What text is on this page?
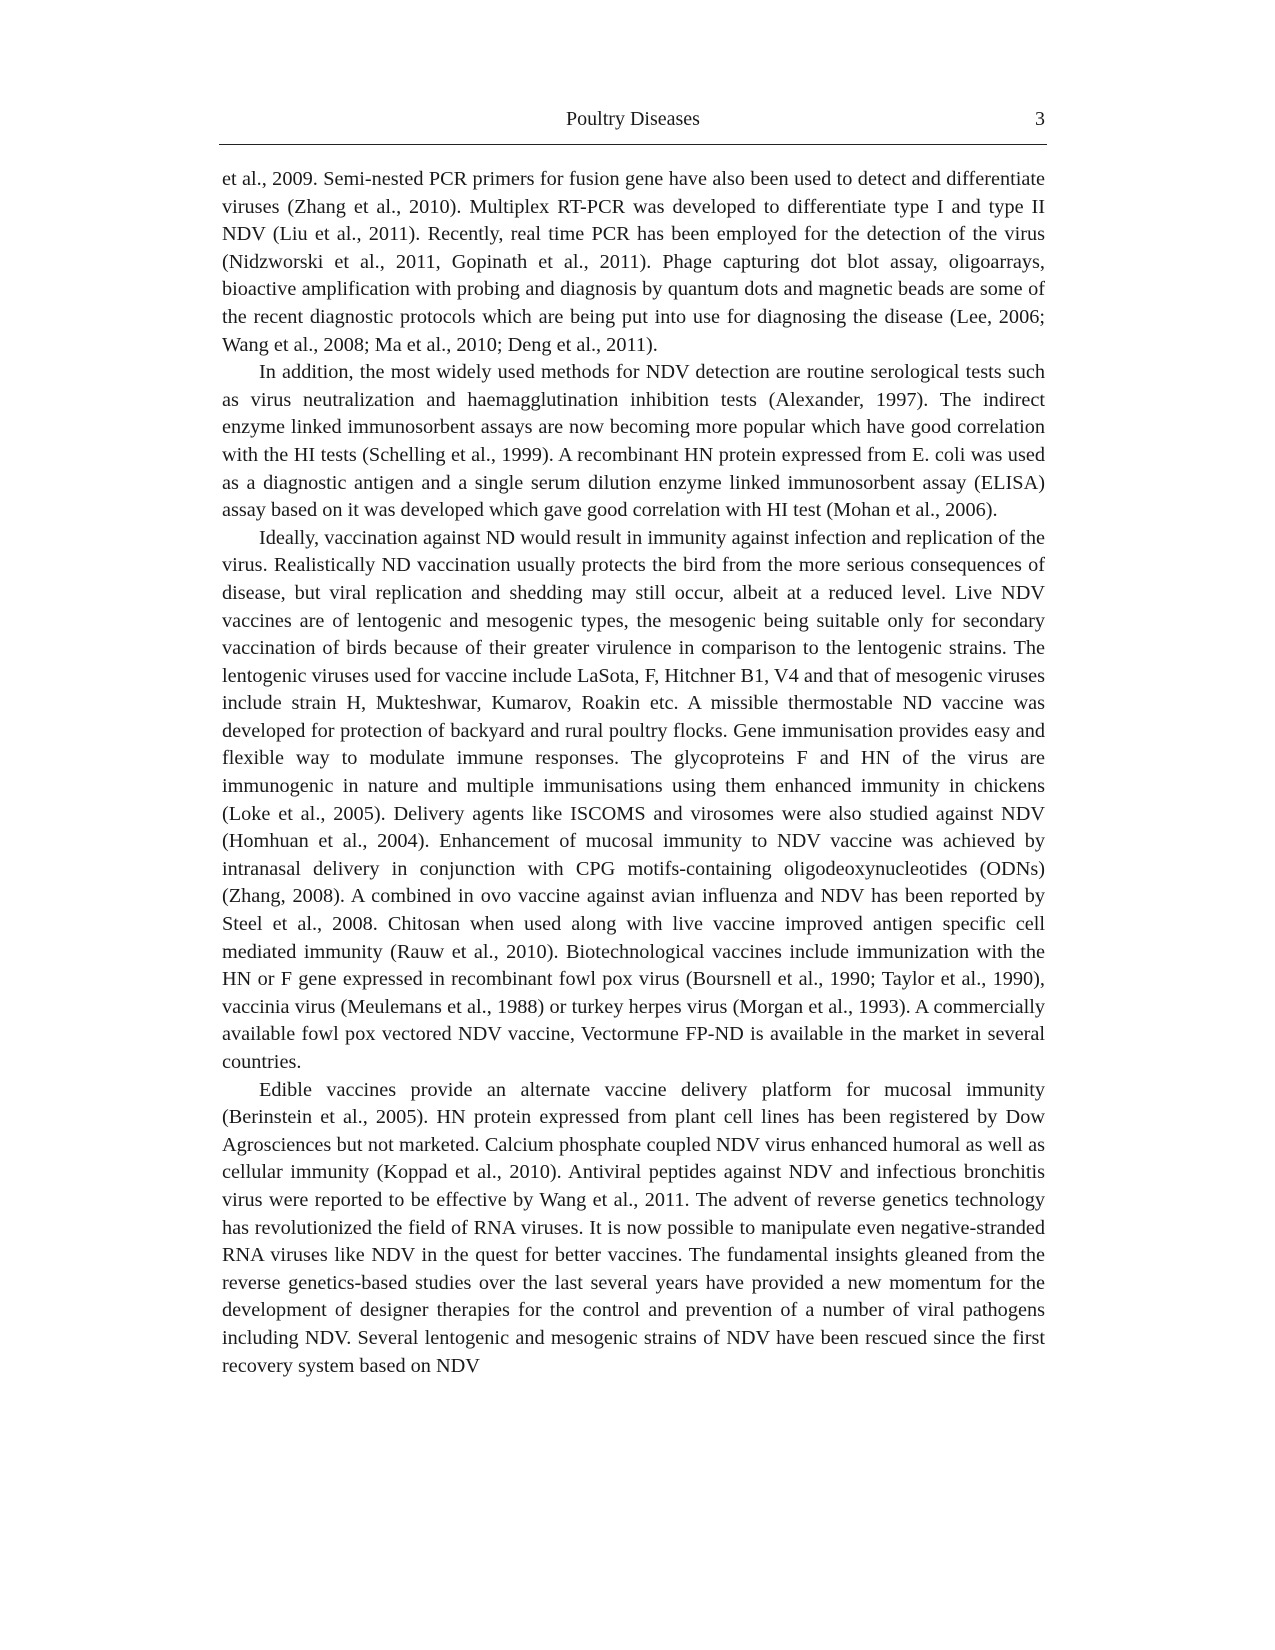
Poultry Diseases	3

et al., 2009. Semi-nested PCR primers for fusion gene have also been used to detect and differentiate viruses (Zhang et al., 2010). Multiplex RT-PCR was developed to differentiate type I and type II NDV (Liu et al., 2011). Recently, real time PCR has been employed for the detection of the virus (Nidzworski et al., 2011, Gopinath et al., 2011). Phage capturing dot blot assay, oligoarrays, bioactive amplification with probing and diagnosis by quantum dots and magnetic beads are some of the recent diagnostic protocols which are being put into use for diagnosing the disease (Lee, 2006; Wang et al., 2008; Ma et al., 2010; Deng et al., 2011).

In addition, the most widely used methods for NDV detection are routine serological tests such as virus neutralization and haemagglutination inhibition tests (Alexander, 1997). The indirect enzyme linked immunosorbent assays are now becoming more popular which have good correlation with the HI tests (Schelling et al., 1999). A recombinant HN protein expressed from E. coli was used as a diagnostic antigen and a single serum dilution enzyme linked immunosorbent assay (ELISA) assay based on it was developed which gave good correlation with HI test (Mohan et al., 2006).

Ideally, vaccination against ND would result in immunity against infection and replication of the virus. Realistically ND vaccination usually protects the bird from the more serious consequences of disease, but viral replication and shedding may still occur, albeit at a reduced level. Live NDV vaccines are of lentogenic and mesogenic types, the mesogenic being suitable only for secondary vaccination of birds because of their greater virulence in comparison to the lentogenic strains. The lentogenic viruses used for vaccine include LaSota, F, Hitchner B1, V4 and that of mesogenic viruses include strain H, Mukteshwar, Kumarov, Roakin etc. A missible thermostable ND vaccine was developed for protection of backyard and rural poultry flocks. Gene immunisation provides easy and flexible way to modulate immune responses. The glycoproteins F and HN of the virus are immunogenic in nature and multiple immunisations using them enhanced immunity in chickens (Loke et al., 2005). Delivery agents like ISCOMS and virosomes were also studied against NDV (Homhuan et al., 2004). Enhancement of mucosal immunity to NDV vaccine was achieved by intranasal delivery in conjunction with CPG motifs-containing oligodeoxynucleotides (ODNs) (Zhang, 2008). A combined in ovo vaccine against avian influenza and NDV has been reported by Steel et al., 2008. Chitosan when used along with live vaccine improved antigen specific cell mediated immunity (Rauw et al., 2010). Biotechnological vaccines include immunization with the HN or F gene expressed in recombinant fowl pox virus (Boursnell et al., 1990; Taylor et al., 1990), vaccinia virus (Meulemans et al., 1988) or turkey herpes virus (Morgan et al., 1993). A commercially available fowl pox vectored NDV vaccine, Vectormune FP-ND is available in the market in several countries.

Edible vaccines provide an alternate vaccine delivery platform for mucosal immunity (Berinstein et al., 2005). HN protein expressed from plant cell lines has been registered by Dow Agrosciences but not marketed. Calcium phosphate coupled NDV virus enhanced humoral as well as cellular immunity (Koppad et al., 2010). Antiviral peptides against NDV and infectious bronchitis virus were reported to be effective by Wang et al., 2011. The advent of reverse genetics technology has revolutionized the field of RNA viruses. It is now possible to manipulate even negative-stranded RNA viruses like NDV in the quest for better vaccines. The fundamental insights gleaned from the reverse genetics-based studies over the last several years have provided a new momentum for the development of designer therapies for the control and prevention of a number of viral pathogens including NDV. Several lentogenic and mesogenic strains of NDV have been rescued since the first recovery system based on NDV
